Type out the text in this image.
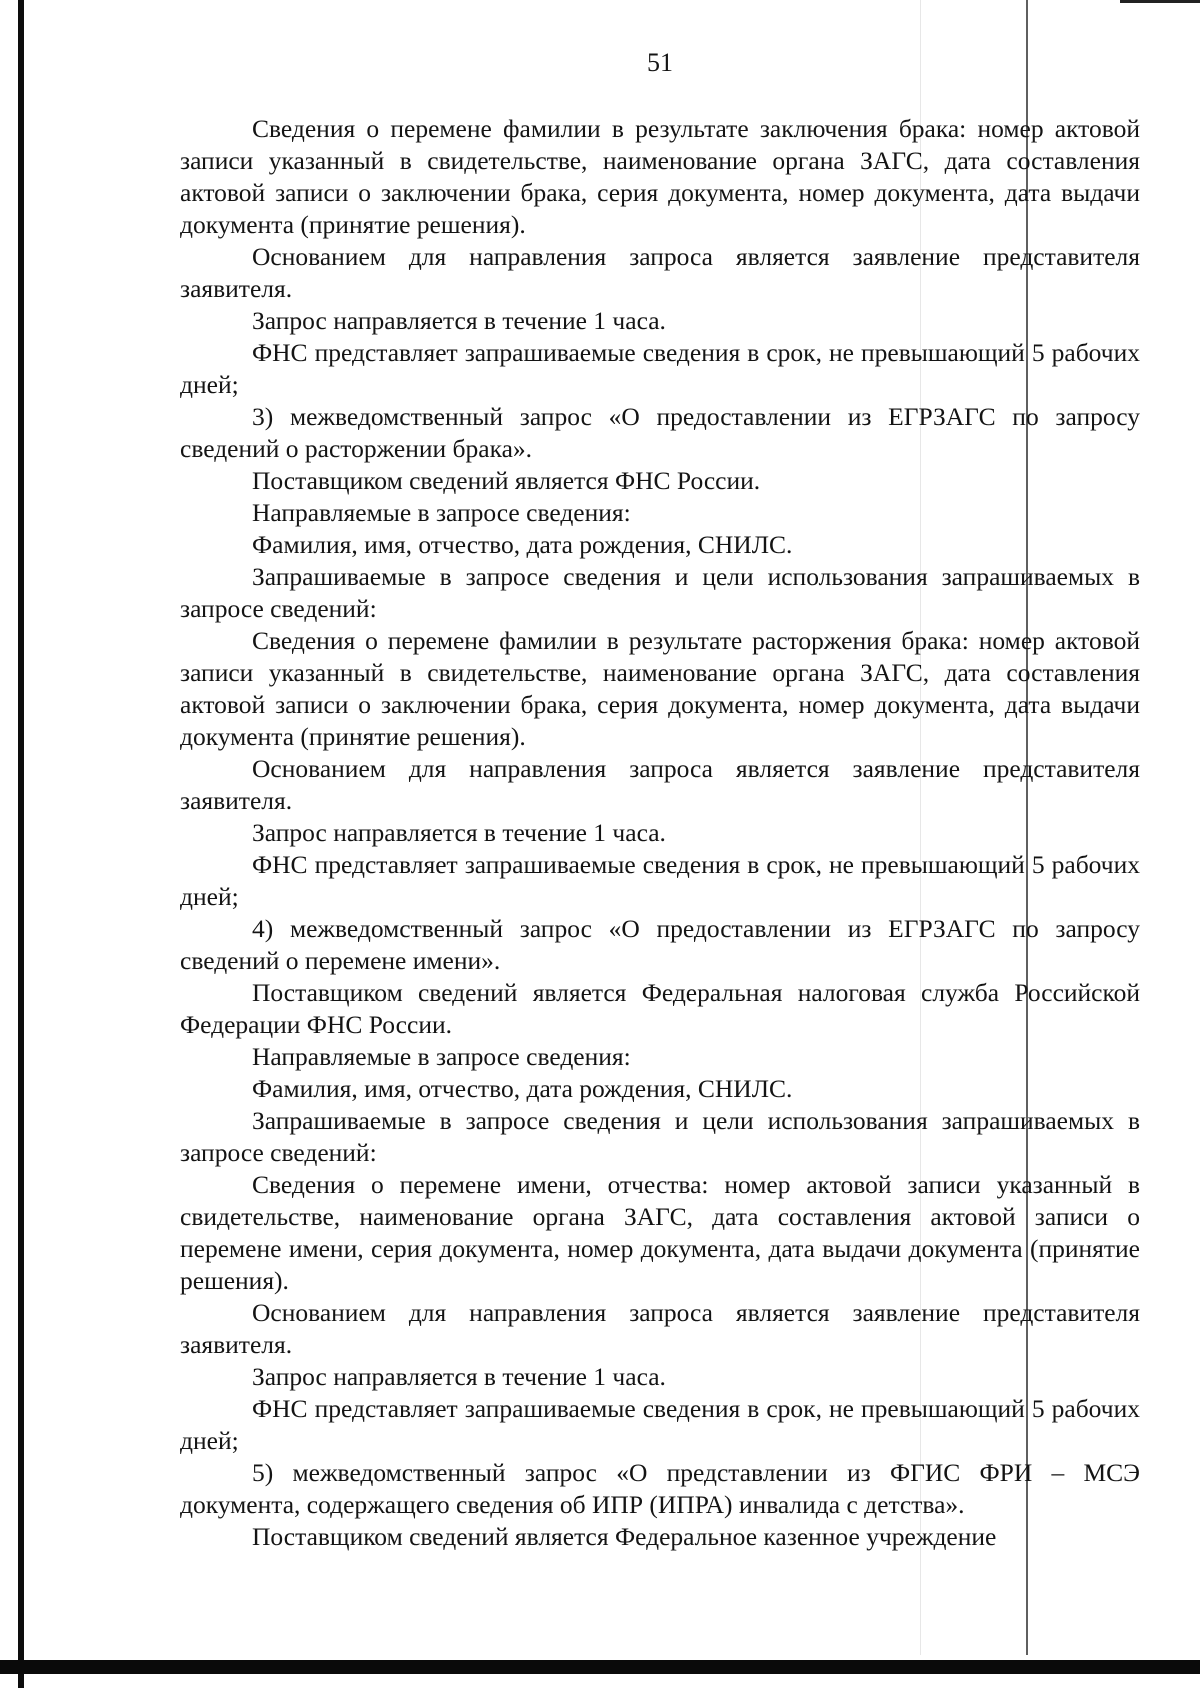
51

Сведения о перемене фамилии в результате заключения брака: номер актовой записи указанный в свидетельстве, наименование органа ЗАГС, дата составления актовой записи о заключении брака, серия документа, номер документа, дата выдачи документа (принятие решения).

Основанием для направления запроса является заявление представителя заявителя.

Запрос направляется в течение 1 часа.

ФНС представляет запрашиваемые сведения в срок, не превышающий 5 рабочих дней;

3) межведомственный запрос «О предоставлении из ЕГРЗАГС по запросу сведений о расторжении брака».

Поставщиком сведений является ФНС России.

Направляемые в запросе сведения:

Фамилия, имя, отчество, дата рождения, СНИЛС.

Запрашиваемые в запросе сведения и цели использования запрашиваемых в запросе сведений:

Сведения о перемене фамилии в результате расторжения брака: номер актовой записи указанный в свидетельстве, наименование органа ЗАГС, дата составления актовой записи о заключении брака, серия документа, номер документа, дата выдачи документа (принятие решения).

Основанием для направления запроса является заявление представителя заявителя.

Запрос направляется в течение 1 часа.

ФНС представляет запрашиваемые сведения в срок, не превышающий 5 рабочих дней;

4) межведомственный запрос «О предоставлении из ЕГРЗАГС по запросу сведений о перемене имени».

Поставщиком сведений является Федеральная налоговая служба Российской Федерации ФНС России.

Направляемые в запросе сведения:

Фамилия, имя, отчество, дата рождения, СНИЛС.

Запрашиваемые в запросе сведения и цели использования запрашиваемых в запросе сведений:

Сведения о перемене имени, отчества: номер актовой записи указанный в свидетельстве, наименование органа ЗАГС, дата составления актовой записи о перемене имени, серия документа, номер документа, дата выдачи документа (принятие решения).

Основанием для направления запроса является заявление представителя заявителя.

Запрос направляется в течение 1 часа.

ФНС представляет запрашиваемые сведения в срок, не превышающий 5 рабочих дней;

5) межведомственный запрос «О представлении из ФГИС ФРИ – МСЭ документа, содержащего сведения об ИПР (ИПРА) инвалида с детства».

Поставщиком сведений является Федеральное казенное учреждение
